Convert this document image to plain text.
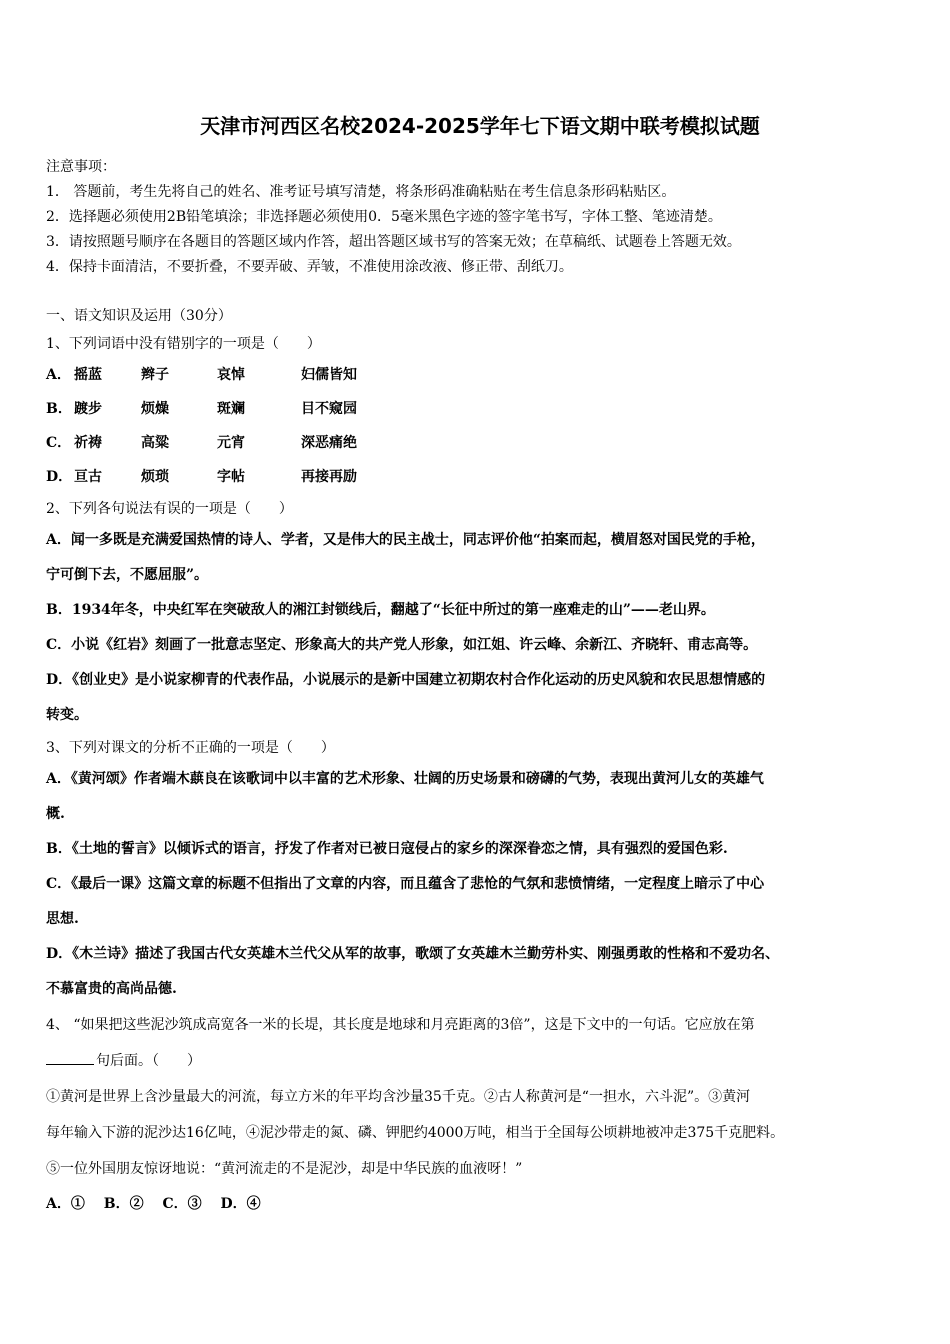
天津市河西区名校2024-2025学年七下语文期中联考模拟试题
注意事项：
1． 答题前，考生先将自己的姓名、准考证号填写清楚，将条形码准确粘贴在考生信息条形码粘贴区。
2．选择题必须使用2B铅笔填涂；非选择题必须使用0．5毫米黑色字迹的签字笔书写，字体工整、笔迹清楚。
3．请按照题号顺序在各题目的答题区域内作答，超出答题区域书写的答案无效；在草稿纸、试题卷上答题无效。
4．保持卡面清洁，不要折叠，不要弄破、弄皱，不准使用涂改液、修正带、刮纸刀。
一、语文知识及运用（30分）
1、下列词语中没有错别字的一项是（　　）
A． 摇蓝	辫子	哀悼	妇儒皆知
B． 踱步	烦燥	斑斓	目不窥园
C． 祈祷	高粱	元宵	深恶痛绝
D． 亘古	烦琐	字帖	再接再励
2、下列各句说法有误的一项是（　　）
A．闻一多既是充满爱国热情的诗人、学者，又是伟大的民主战士，同志评价他“拍案而起，横眉怒对国民党的手枪，
宁可倒下去，不愿屈服”。
B．1934年冬，中央红军在突破敌人的湘江封锁线后，翻越了“长征中所过的第一座难走的山”——老山界。
C．小说《红岩》刻画了一批意志坚定、形象高大的共产党人形象，如江姐、许云峰、余新江、齐晓轩、甫志高等。
D．《创业史》是小说家柳青的代表作品，小说展示的是新中国建立初期农村合作化运动的历史风貌和农民思想情感的
转变。
3、下列对课文的分析不正确的一项是（　　）
A．《黄河颂》作者端木蕻良在该歌词中以丰富的艺术形象、壮阔的历史场景和磅礴的气势，表现出黄河儿女的英雄气
概.
B．《土地的誓言》以倾诉式的语言，抒发了作者对已被日寇侵占的家乡的深深眷恋之情，具有强烈的爱国色彩.
C．《最后一课》这篇文章的标题不但指出了文章的内容，而且蕴含了悲怆的气氛和悲愤情绪，一定程度上暗示了中心
思想.
D．《木兰诗》描述了我国古代女英雄木兰代父从军的故事，歌颂了女英雄木兰勤劳朴实、刚强勇敢的性格和不爱功名、
不慕富贵的高尚品德.
4、 “如果把这些泥沙筑成高宽各一米的长堤，其长度是地球和月亮距离的3倍”，这是下文中的一句话。它应放在第
句后面。（　　）
①黄河是世界上含沙量最大的河流，每立方米的年平均含沙量35千克。②古人称黄河是“一担水，六斗泥”。③黄河
每年输入下游的泥沙达16亿吨，④泥沙带走的氮、磷、钾肥约4000万吨，相当于全国每公顷耕地被冲走375千克肥料。
⑤一位外国朋友惊讶地说：“黄河流走的不是泥沙，却是中华民族的血液呀！”
A．① B．② C．③ D．④
